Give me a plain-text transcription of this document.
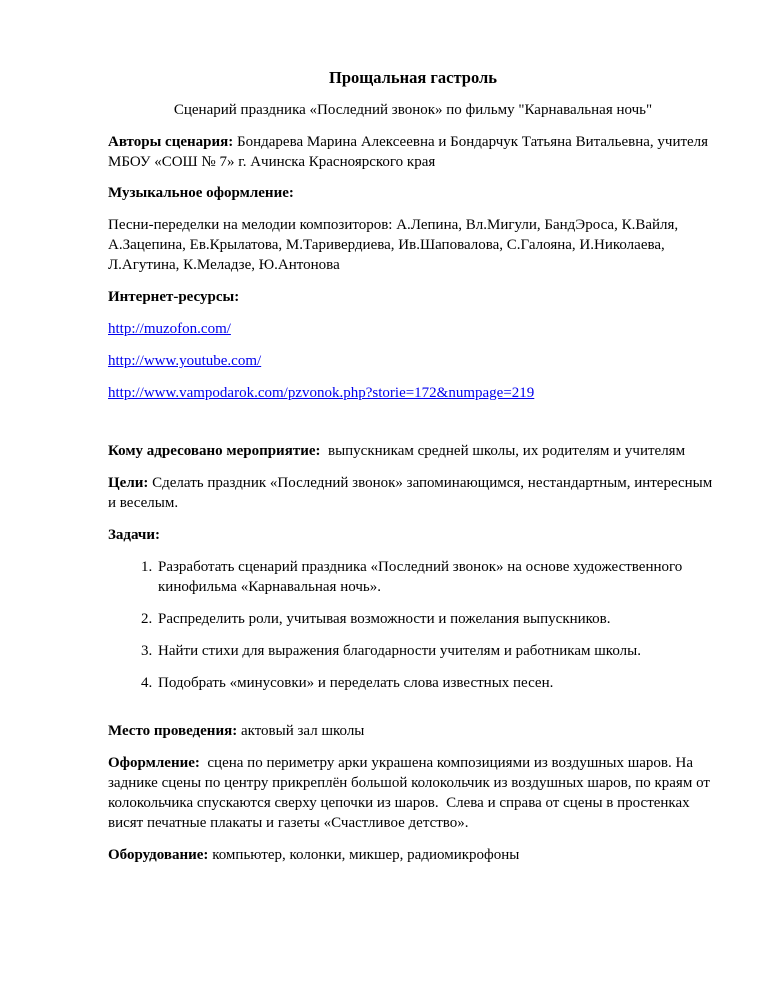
Прощальная гастроль

Сценарий праздника «Последний звонок» по фильму "Карнавальная ночь"

Авторы сценария: Бондарева Марина Алексеевна и Бондарчук Татьяна Витальевна, учителя МБОУ «СОШ № 7» г. Ачинска Красноярского края

Музыкальное оформление:

Песни-переделки на мелодии композиторов: А.Лепина, Вл.Мигули, БандЭроса, К.Вайля, А.Зацепина, Ев.Крылатова, М.Таривердиева, Ив.Шаповалова, С.Галояна, И.Николаева, Л.Агутина, К.Меладзе, Ю.Антонова

Интернет-ресурсы:

http://muzofon.com/

http://www.youtube.com/

http://www.vampodarok.com/pzvonok.php?storie=172&numpage=219

Кому адресовано мероприятие:  выпускникам средней школы, их родителям и учителям

Цели: Сделать праздник «Последний звонок» запоминающимся, нестандартным, интересным и веселым.

Задачи:

1. Разработать сценарий праздника «Последний звонок» на основе художественного кинофильма «Карнавальная ночь».
2. Распределить роли, учитывая возможности и пожелания выпускников.
3. Найти стихи для выражения благодарности учителям и работникам школы.
4. Подобрать «минусовки» и переделать слова известных песен.

Место проведения: актовый зал школы

Оформление:  сцена по периметру арки украшена композициями из воздушных шаров. На заднике сцены по центру прикреплён большой колокольчик из воздушных шаров, по краям от колокольчика спускаются сверху цепочки из шаров.  Слева и справа от сцены в простенках висят печатные плакаты и газеты «Счастливое детство».

Оборудование: компьютер, колонки, микшер, радиомикрофоны
